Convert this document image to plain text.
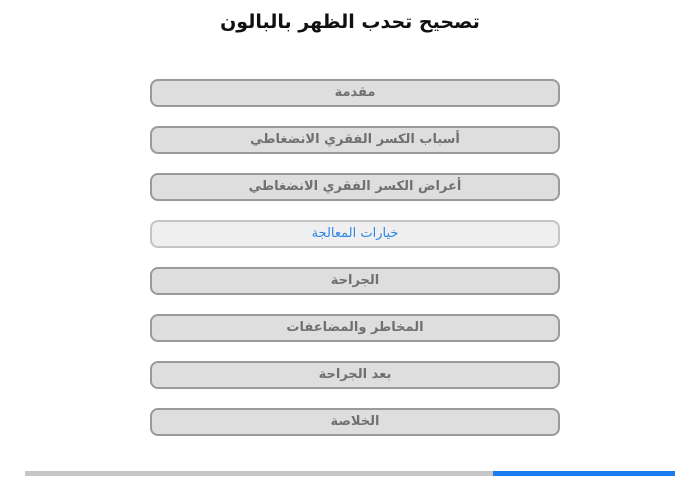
تصحيح تحدب الظهر بالبالون
مقدمة
أسباب الكسر الفقري الانضغاطي
أعراض الكسر الفقري الانضغاطي
خيارات المعالجة
الجراحة
المخاطر والمضاعفات
بعد الجراحة
الخلاصة
